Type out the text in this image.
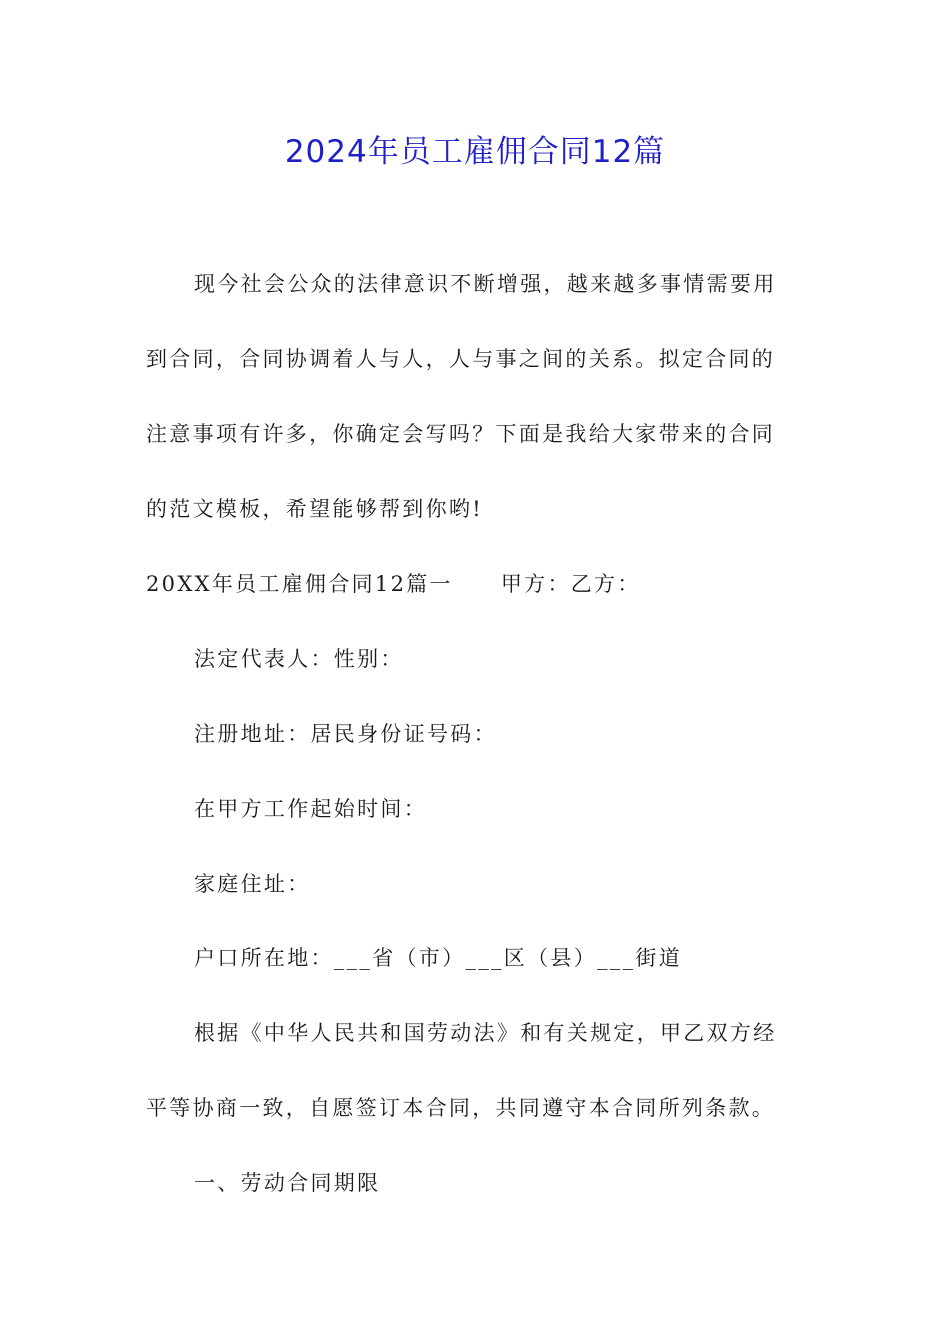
2024年员工雇佣合同12篇
现今社会公众的法律意识不断增强，越来越多事情需要用
到合同，合同协调着人与人，人与事之间的关系。拟定合同的
注意事项有许多，你确定会写吗？下面是我给大家带来的合同
的范文模板，希望能够帮到你哟!
20XX年员工雇佣合同12篇一 甲方：乙方：
法定代表人：性别：
注册地址：居民身份证号码：
在甲方工作起始时间：
家庭住址：
户口所在地：___省（市）___区（县）___街道
根据《中华人民共和国劳动法》和有关规定，甲乙双方经
平等协商一致，自愿签订本合同，共同遵守本合同所列条款。
一、劳动合同期限
